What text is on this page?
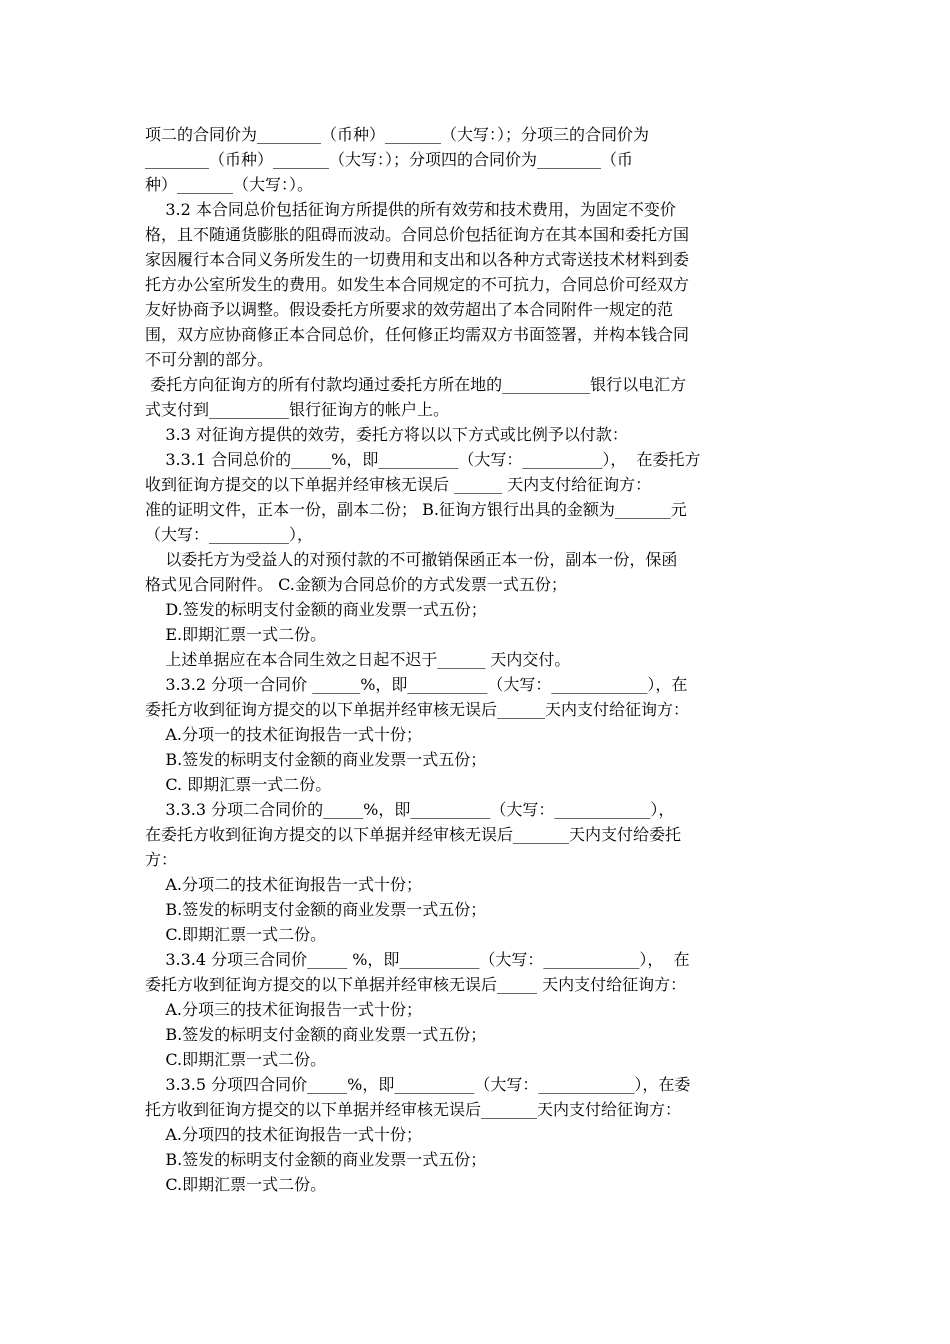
项二的合同价为________（币种）_______（大写：）；分项三的合同价为
________（币种）_______（大写：）；分项四的合同价为________（币
种）_______（大写：）。
3.2 本合同总价包括征询方所提供的所有效劳和技术费用，为固定不变价
格，且不随通货膨胀的阻碍而波动。合同总价包括征询方在其本国和委托方国
家因履行本合同义务所发生的一切费用和支出和以各种方式寄送技术材料到委
托方办公室所发生的费用。如发生本合同规定的不可抗力，合同总价可经双方
友好协商予以调整。假设委托方所要求的效劳超出了本合同附件一规定的范
围，双方应协商修正本合同总价，任何修正均需双方书面签署，并构本钱合同
不可分割的部分。
委托方向征询方的所有付款均通过委托方所在地的___________银行以电汇方
式支付到__________银行征询方的帐户上。
3.3 对征询方提供的效劳，委托方将以以下方式或比例予以付款：
3.3.1 合同总价的_____%，即__________（大写：__________），  在委托方
收到征询方提交的以下单据并经审核无误后 ______ 天内支付给征询方：
准的证明文件，正本一份，副本二份； B.征询方银行出具的金额为_______元
（大写：__________），
以委托方为受益人的对预付款的不可撤销保函正本一份，副本一份，保函
格式见合同附件。 C.金额为合同总价的方式发票一式五份；
D.签发的标明支付金额的商业发票一式五份；
E.即期汇票一式二份。
上述单据应在本合同生效之日起不迟于______ 天内交付。
3.3.2 分项一合同价 ______%，即__________（大写：____________），在
委托方收到征询方提交的以下单据并经审核无误后______天内支付给征询方：
A.分项一的技术征询报告一式十份；
B.签发的标明支付金额的商业发票一式五份；
C. 即期汇票一式二份。
3.3.3 分项二合同价的_____%，即__________（大写：____________），
在委托方收到征询方提交的以下单据并经审核无误后_______天内支付给委托
方：
A.分项二的技术征询报告一式十份；
B.签发的标明支付金额的商业发票一式五份；
C.即期汇票一式二份。
3.3.4 分项三合同价_____ %，即__________（大写：____________），  在
委托方收到征询方提交的以下单据并经审核无误后_____ 天内支付给征询方：
A.分项三的技术征询报告一式十份；
B.签发的标明支付金额的商业发票一式五份；
C.即期汇票一式二份。
3.3.5 分项四合同价_____%，即__________（大写：____________），在委
托方收到征询方提交的以下单据并经审核无误后_______天内支付给征询方：
A.分项四的技术征询报告一式十份；
B.签发的标明支付金额的商业发票一式五份；
C.即期汇票一式二份。
